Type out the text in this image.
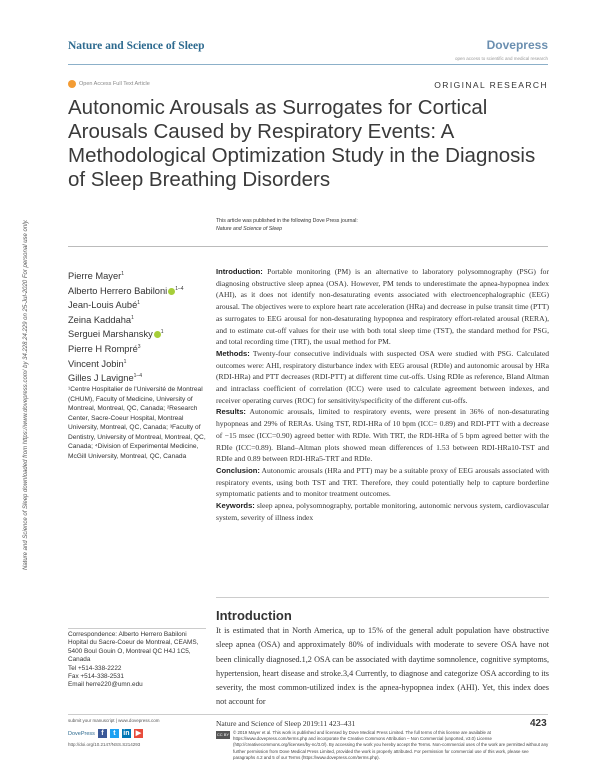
Nature and Science of Sleep	Dovepress
open access to scientific and medical research
Open Access Full Text Article	ORIGINAL RESEARCH
Autonomic Arousals as Surrogates for Cortical Arousals Caused by Respiratory Events: A Methodological Optimization Study in the Diagnosis of Sleep Breathing Disorders
This article was published in the following Dove Press journal:
Nature and Science of Sleep
Nature and Science of Sleep downloaded from https://www.dovepress.com/ by 34.228.24.229 on 25-Jul-2020 For personal use only.	Pierre Mayer$^1$
Alberto Herrero Babiloni $^{1-4}$
Jean-Louis Aubé$^1$
Zeina Kaddaha$^1$
Serguei Marshansky $^1$
Pierre H Rompré$^3$
Vincent Jobin$^1$
Gilles J Lavigne$^{1-4}$
¹Centre Hospitalier de l'Université de Montreal (CHUM), Faculty of Medicine, University of Montreal, Montreal, QC, Canada; ²Research Center, Sacre-Coeur Hospital, Montreal University, Montreal, QC, Canada; ³Faculty of Dentistry, University of Montreal, Montreal, QC, Canada; ⁴Division of Experimental Medicine, McGill University, Montreal, QC, Canada

Introduction: Portable monitoring (PM) is an alternative to laboratory polysomnography (PSG) for diagnosing obstructive sleep apnea (OSA). However, PM tends to underestimate the apnea-hypopnea index (AHI), as it does not identify non-desaturating events associated with electroencephalographic (EEG) arousal. The objectives were to explore heart rate acceleration (HRa) and decrease in pulse transit time (PTT) as surrogates to EEG arousal for non-desaturating hypopnea and respiratory effort-related arousal (RERA), and to estimate cut-off values for their use with both total sleep time (TST), the standard method for PSG, and total recording time (TRT), the usual method for PM.

Methods: Twenty-four consecutive individuals with suspected OSA were studied with PSG. Calculated outcomes were: AHI, respiratory disturbance index with EEG arousal (RDIe) and autonomic arousal by HRa (RDI-HRa) and PTT decreases (RDI-PTT) at different time cut-offs. Using RDIe as reference, Bland Altman and intraclass coefficient of correlation (ICC) were used to calculate agreement between indexes, and receiver operating curves (ROC) for sensitivity/specificity of the different cut-offs.

Results: Autonomic arousals, limited to respiratory events, were present in 36% of non-desaturating hypopneas and 29% of RERAs. Using TST, RDI-HRa of 10 bpm (ICC= 0.89) and RDI-PTT with a decrease of −15 msec (ICC=0.90) agreed better with RDIe. With TRT, the RDI-HRa of 5 bpm agreed better with the RDIe (ICC=0.89). Bland–Altman plots showed mean differences of 1.53 between RDI-HRa10-TST and RDIe and 0.89 between RDI-HRa5-TRT and RDIe.

Conclusion: Autonomic arousals (HRa and PTT) may be a suitable proxy of EEG arousals associated with respiratory events, using both TST and TRT. Therefore, they could potentially help to capture borderline symptomatic patients and to monitor treatment outcomes.

Keywords: sleep apnea, polysomnography, portable monitoring, autonomic nervous system, cardiovascular system, severity of illness index

Introduction
It is estimated that in North America, up to 15% of the general adult population have obstructive sleep apnea (OSA) and approximately 80% of individuals with moderate to severe OSA have not been clinically diagnosed.1,2 OSA can be associated with daytime somnolence, cognitive symptoms, hypertension, heart disease and stroke.3,4 Currently, to diagnose and categorize OSA according to its severity, the most common-utilized index is the apnea-hypopnea index (AHI). Yet, this index does not account for
Correspondence: Alberto Herrero Babiloni
Hopital du Sacre-Coeur de Montreal, CEAMS, 5400 Boul Gouin O, Montreal QC H4J 1C5, Canada
Tel +514-338-2222
Fax +514-338-2531
Email herre220@umn.edu
submit your manuscript | www.dovepress.com
DovePress f	t	in ▶
http://doi.org/10.2147/NSS.S214293
Nature and Science of Sleep 2019:11 423–431	423
CC BY NC
© 2019 Mayer et al. This work is published and licensed by Dove Medical Press Limited. The full terms of this license are available at https://www.dovepress.com/terms.php and incorporate the Creative Commons Attribution – Non Commercial (unported, v3.0) License (http://creativecommons.org/licenses/by-nc/3.0/). By accessing the work you hereby accept the Terms. Non-commercial uses of the work are permitted without any further permission from Dove Medical Press Limited, provided the work is properly attributed. For permission for commercial use of this work, please see paragraphs 4.2 and 5 of our Terms (https://www.dovepress.com/terms.php).
